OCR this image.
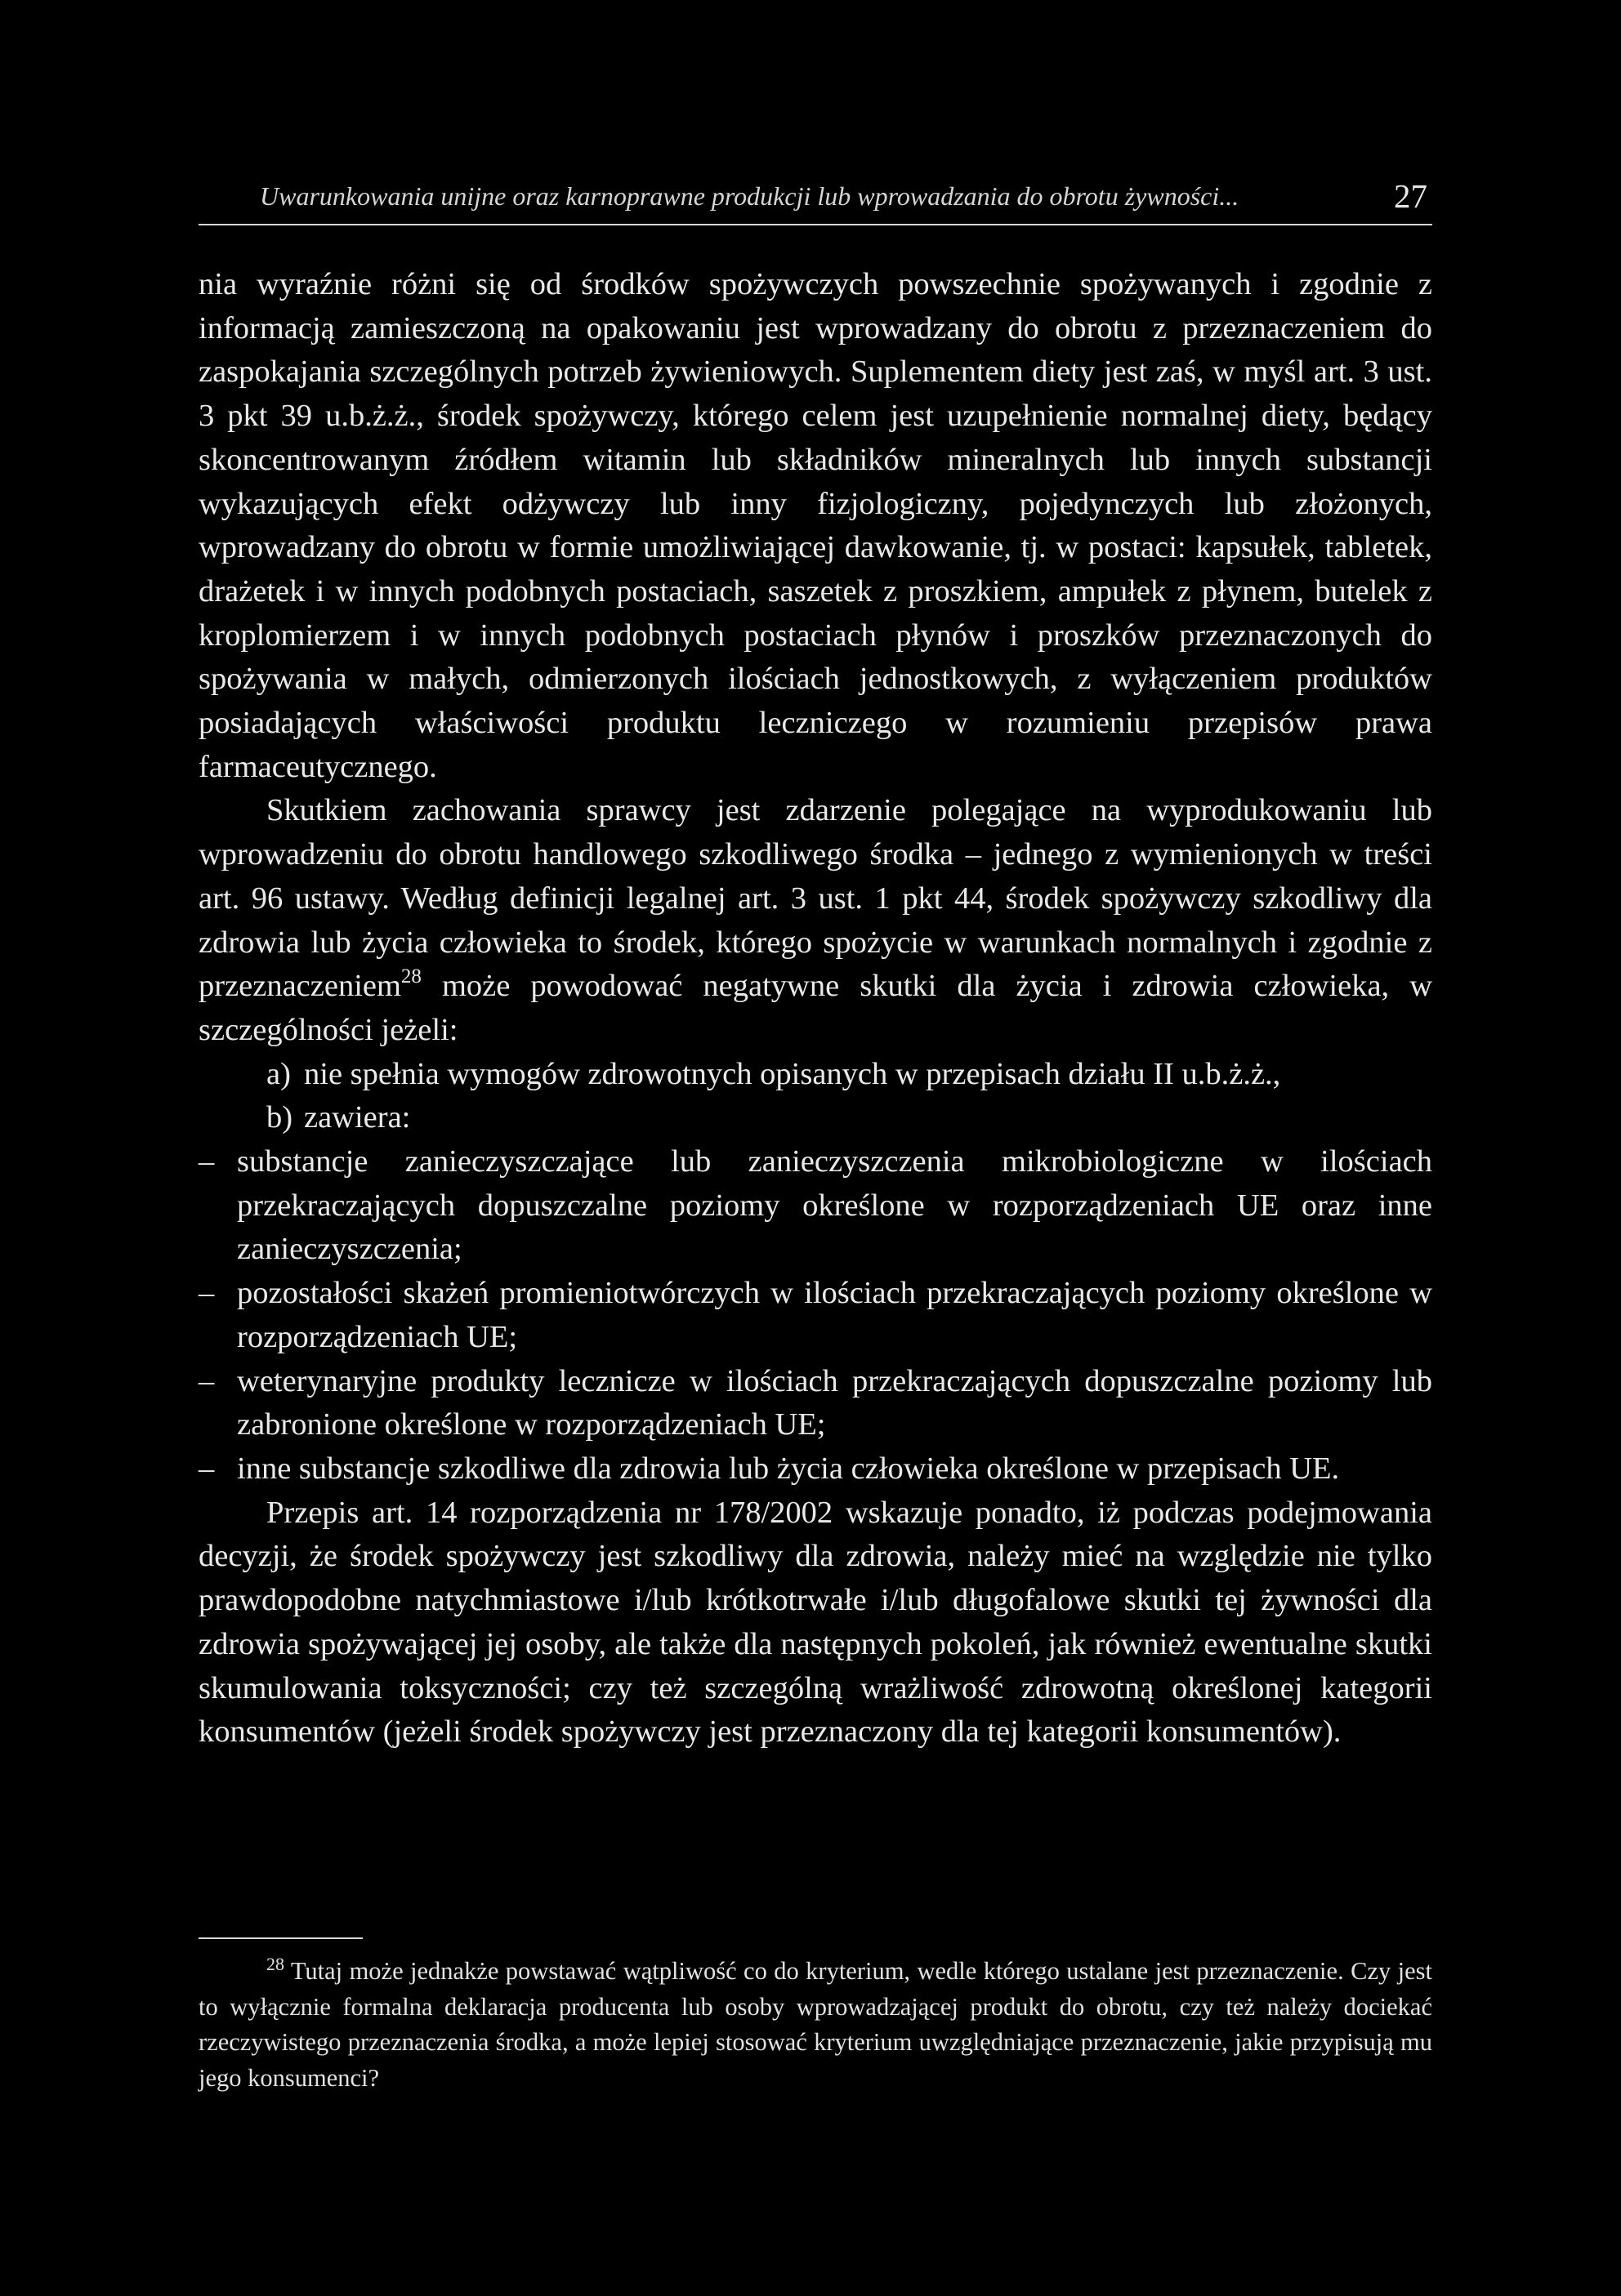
Uwarunkowania unijne oraz karnoprawne produkcji lub wprowadzania do obrotu żywności...	27

nia wyraźnie różni się od środków spożywczych powszechnie spożywanych i zgodnie z informacją zamieszczoną na opakowaniu jest wprowadzany do obrotu z przeznaczeniem do zaspokajania szczególnych potrzeb żywieniowych. Suplementem diety jest zaś, w myśl art. 3 ust. 3 pkt 39 u.b.ż.ż., środek spożywczy, którego celem jest uzupełnienie normalnej diety, będący skoncentrowanym źródłem witamin lub składników mineralnych lub innych substancji wykazujących efekt odżywczy lub inny fizjologiczny, pojedynczych lub złożonych, wprowadzany do obrotu w formie umożliwiającej dawkowanie, tj. w postaci: kapsułek, tabletek, drażetek i w innych podobnych postaciach, saszetek z proszkiem, ampułek z płynem, butelek z kroplomierzem i w innych podobnych postaciach płynów i proszków przeznaczonych do spożywania w małych, odmierzonych ilościach jednostkowych, z wyłączeniem produktów posiadających właściwości produktu leczniczego w rozumieniu przepisów prawa farmaceutycznego.

Skutkiem zachowania sprawcy jest zdarzenie polegające na wyprodukowaniu lub wprowadzeniu do obrotu handlowego szkodliwego środka – jednego z wymienionych w treści art. 96 ustawy. Według definicji legalnej art. 3 ust. 1 pkt 44, środek spożywczy szkodliwy dla zdrowia lub życia człowieka to środek, którego spożycie w warunkach normalnych i zgodnie z przeznaczeniem$^{28}$ może powodować negatywne skutki dla życia i zdrowia człowieka, w szczególności jeżeli:

a) nie spełnia wymogów zdrowotnych opisanych w przepisach działu II u.b.ż.ż.,

b) zawiera:

– substancje zanieczyszczające lub zanieczyszczenia mikrobiologiczne w ilościach przekraczających dopuszczalne poziomy określone w rozporządzeniach UE oraz inne zanieczyszczenia;
– pozostałości skażeń promieniotwórczych w ilościach przekraczających poziomy określone w rozporządzeniach UE;
– weterynaryjne produkty lecznicze w ilościach przekraczających dopuszczalne poziomy lub zabronione określone w rozporządzeniach UE;
– inne substancje szkodliwe dla zdrowia lub życia człowieka określone w przepisach UE.

Przepis art. 14 rozporządzenia nr 178/2002 wskazuje ponadto, iż podczas podejmowania decyzji, że środek spożywczy jest szkodliwy dla zdrowia, należy mieć na względzie nie tylko prawdopodobne natychmiastowe i/lub krótkotrwałe i/lub długofalowe skutki tej żywności dla zdrowia spożywającej jej osoby, ale także dla następnych pokoleń, jak również ewentualne skutki skumulowania toksyczności; czy też szczególną wrażliwość zdrowotną określonej kategorii konsumentów (jeżeli środek spożywczy jest przeznaczony dla tej kategorii konsumentów).

$^{28}$ Tutaj może jednakże powstawać wątpliwość co do kryterium, wedle którego ustalane jest przeznaczenie. Czy jest to wyłącznie formalna deklaracja producenta lub osoby wprowadzającej produkt do obrotu, czy też należy dociekać rzeczywistego przeznaczenia środka, a może lepiej stosować kryterium uwzględniające przeznaczenie, jakie przypisują mu jego konsumenci?
